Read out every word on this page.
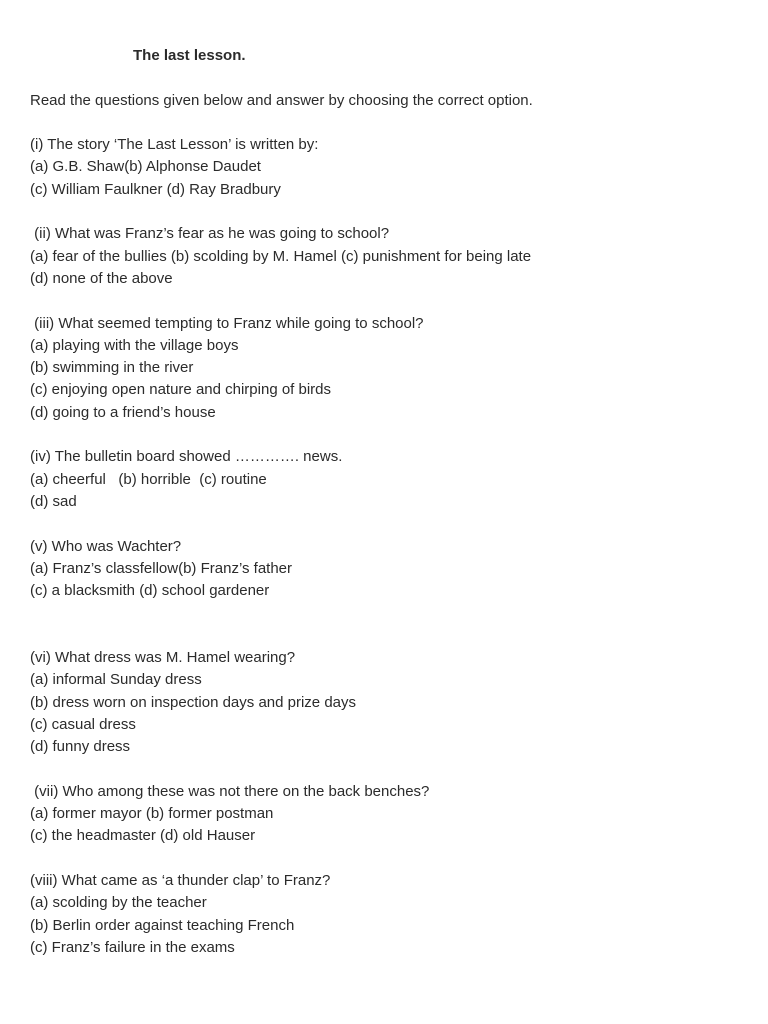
The last lesson.
Read the questions given below and answer by choosing the correct option.
(i) The story ‘The Last Lesson’ is written by:
(a) G.B. Shaw(b) Alphonse Daudet
(c) William Faulkner (d) Ray Bradbury
(ii) What was Franz’s fear as he was going to school?
(a) fear of the bullies (b) scolding by M. Hamel (c) punishment for being late
(d) none of the above
(iii) What seemed tempting to Franz while going to school?
(a) playing with the village boys
(b) swimming in the river
(c) enjoying open nature and chirping of birds
(d) going to a friend’s house
(iv) The bulletin board showed …………. news.
(a) cheerful   (b) horrible  (c) routine
(d) sad
(v) Who was Wachter?
(a) Franz’s classfellow(b) Franz’s father
(c) a blacksmith (d) school gardener
(vi) What dress was M. Hamel wearing?
(a) informal Sunday dress
(b) dress worn on inspection days and prize days
(c) casual dress
(d) funny dress
(vii) Who among these was not there on the back benches?
(a) former mayor (b) former postman
(c) the headmaster (d) old Hauser
(viii) What came as ‘a thunder clap’ to Franz?
(a) scolding by the teacher
(b) Berlin order against teaching French
(c) Franz’s failure in the exams
